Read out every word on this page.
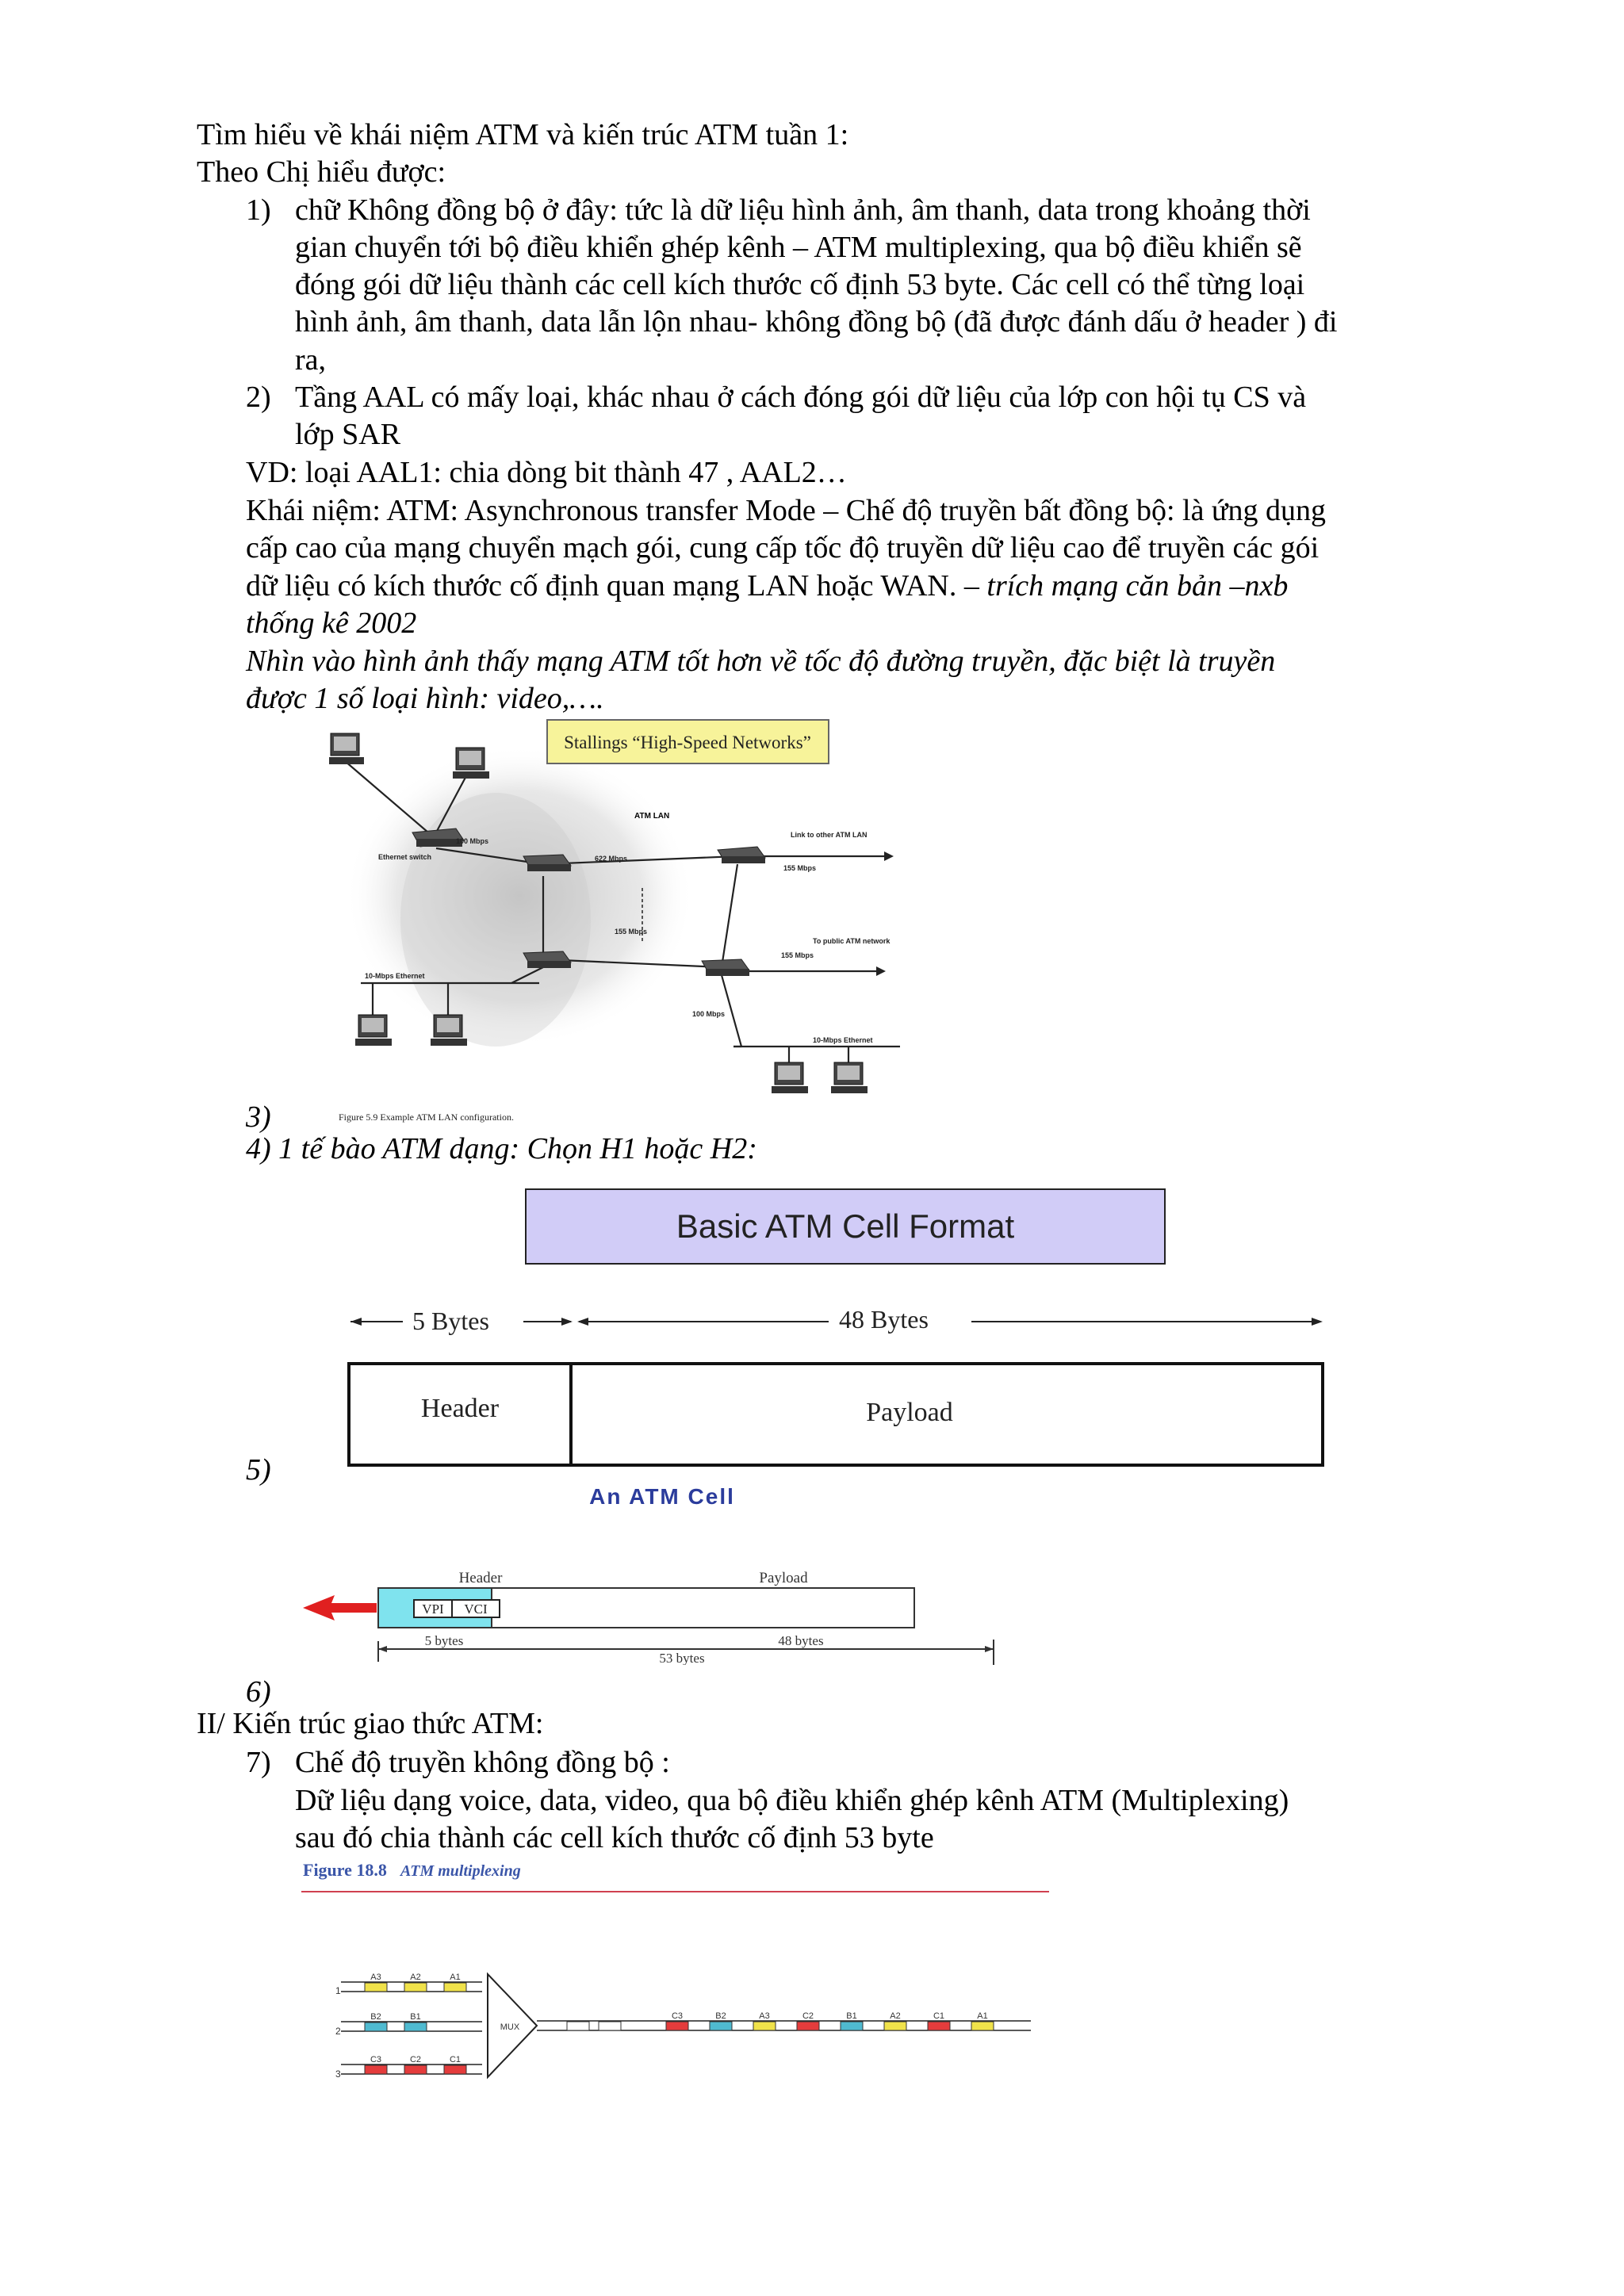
Tìm hiểu về khái niệm ATM và kiến trúc ATM tuần 1:
Theo Chị hiểu được:
1) chữ Không đồng bộ ở đây: tức là dữ liệu hình ảnh, âm thanh, data trong khoảng thời
gian chuyển tới bộ điều khiển ghép kênh – ATM multiplexing, qua bộ điều khiển sẽ
đóng gói dữ liệu thành các cell kích thước cố định 53 byte. Các cell có thể từng loại
hình ảnh, âm thanh, data lẫn lộn nhau- không đồng bộ (đã được đánh dấu ở header ) đi
ra,
2) Tầng AAL có mấy loại, khác nhau ở cách đóng gói dữ liệu của lớp con hội tụ CS và
lớp SAR
VD: loại AAL1: chia dòng bit thành 47 , AAL2…
Khái niệm: ATM: Asynchronous transfer Mode – Chế độ truyền bất đồng bộ: là ứng dụng
cấp cao của mạng chuyển mạch gói, cung cấp tốc độ truyền dữ liệu cao để truyền các gói
dữ liệu có kích thước cố định quan mạng LAN hoặc WAN. – trích mạng căn bản –nxb
thống kê 2002
Nhìn vào hình ảnh thấy mạng ATM tốt hơn về tốc độ đường truyền, đặc biệt là truyền
được 1 số loại hình: video,….
Stallings “High-Speed Networks”
ATM LAN
Ethernet switch
100 Mbps
622 Mbps
Link to other ATM LAN
155 Mbps
155 Mbps
155 Mbps
To public ATM network
10-Mbps Ethernet
100 Mbps
10-Mbps Ethernet
Figure 5.9 Example ATM LAN configuration.
3)
4) 1 tế bào ATM dạng: Chọn H1 hoặc H2:
Basic ATM Cell Format
5 Bytes	48 Bytes
Header	Payload
5)
An ATM Cell
Header	Payload
VPI VCI
5 bytes	48 bytes
53 bytes
6)
II/ Kiến trúc giao thức ATM:
7) Chế độ truyền không đồng bộ :
Dữ liệu dạng voice, data, video, qua bộ điều khiển ghép kênh ATM (Multiplexing)
sau đó chia thành các cell kích thước cố định 53 byte
Figure 18.8 ATM multiplexing
1
2
3
MUX
A3	A2	A1
B2	B1
C3	C2	C1
C3	B2	A3	C2	B1	A2	C1	A1
